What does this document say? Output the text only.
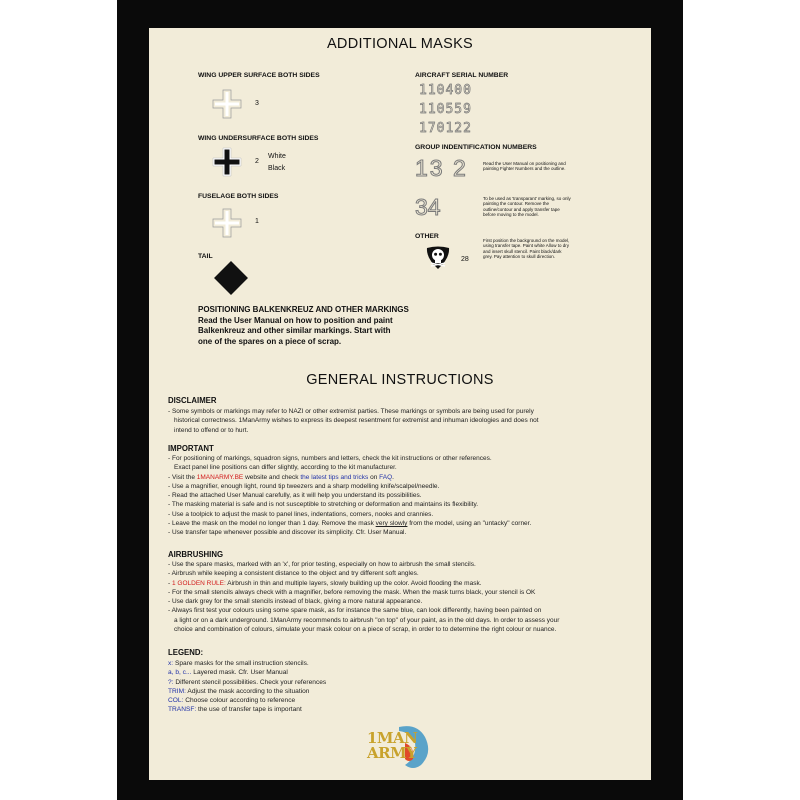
ADDITIONAL MASKS
WING UPPER SURFACE BOTH SIDES
3
WING UNDERSURFACE BOTH SIDES
2
White
Black
FUSELAGE BOTH SIDES
1
TAIL
POSITIONING BALKENKREUZ AND OTHER MARKINGS
Read the User Manual on how to position and paint
Balkenkreuz and other similar markings. Start with
one of the spares on a piece of scrap.
AIRCRAFT SERIAL NUMBER
110400
110559
170122
GROUP INDENTIFICATION NUMBERS
13 2	Read the User Manual on positioning and painting Fighter Numbers and the outline.
34	To be used as 'transparant' marking, so only painting the contour. Remove the outline/contour and apply transfer tape before moving to the model.
OTHER
28
First position the background on the model, using transfer tape. Paint white Allow to dry and insert skull stencil. Paint black/dark grey. Pay attention to skull direction.
GENERAL INSTRUCTIONS
DISCLAIMER
- Some symbols or markings may refer to NAZI or other extremist parties. These markings or symbols are being used for purely
historical correctness. 1ManArmy wishes to express its deepest resentment for extremist and inhuman ideologies and does not
intend to offend or to hurt.
IMPORTANT
- For positioning of markings, squadron signs, numbers and letters, check the kit instructions or other references.
Exact panel line positions can differ slightly, according to the kit manufacturer.
- Visit the 1MANARMY.BE website and check the latest tips and tricks on FAQ.
- Use a magnifier, enough light, round tip tweezers and a sharp modelling knife/scalpel/needle.
- Read the attached User Manual carefully, as it will help you understand its possibilities.
- The masking material is safe and is not susceptible to stretching or deformation and maintains its flexibility.
- Use a toolpick to adjust the mask to panel lines, indentations, corners, nooks and crannies.
- Leave the mask on the model no longer than 1 day. Remove the mask very slowly from the model, using an "untacky" corner.
- Use transfer tape whenever possible and discover its simplicity. Cfr. User Manual.
AIRBRUSHING
- Use the spare masks, marked with an 'x', for prior testing, especially on how to airbrush the small stencils.
- Airbrush while keeping a consistent distance to the object and try different soft angles.
- 1 GOLDEN RULE: Airbrush in thin and multiple layers, slowly building up the color. Avoid flooding the mask.
- For the small stencils always check with a magnifier, before removing the mask. When the mask turns black, your stencil is OK
- Use dark grey for the small stencils instead of black, giving a more natural appearance.
- Always first test your colours using some spare mask, as for instance the same blue, can look differently, having been painted on
a light or on a dark underground. 1ManArmy recommends to airbrush "on top" of your paint, as in the old days. In order to assess your
choice and combination of colours, simulate your mask colour on a piece of scrap, in order to to determine the right colour or nuance.
LEGEND:
x: Spare masks for the small instruction stencils.
a, b, c... Layered mask. Cfr. User Manual
?: Different stencil possibilities. Check your references
TRIM: Adjust the mask according to the situation
COL: Choose colour according to reference
TRANSF: the use of transfer tape is important
1MAN
ARMY
